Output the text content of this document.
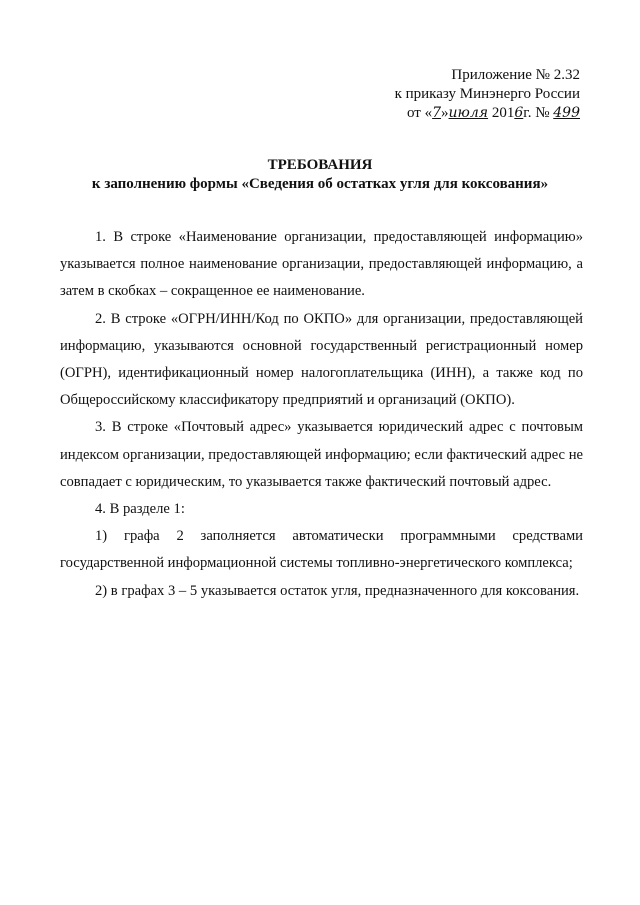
Приложение № 2.32
к приказу Минэнерго России
от «7»июля 2016г. № 499
ТРЕБОВАНИЯ
к заполнению формы «Сведения об остатках угля для коксования»

1. В строке «Наименование организации, предоставляющей информацию» указывается полное наименование организации, предоставляющей информацию, а затем в скобках – сокращенное ее наименование.

2. В строке «ОГРН/ИНН/Код по ОКПО» для организации, предоставляющей информацию, указываются основной государственный регистрационный номер (ОГРН), идентификационный номер налогоплательщика (ИНН), а также код по Общероссийскому классификатору предприятий и организаций (ОКПО).

3. В строке «Почтовый адрес» указывается юридический адрес с почтовым индексом организации, предоставляющей информацию; если фактический адрес не совпадает с юридическим, то указывается также фактический почтовый адрес.

4. В разделе 1:

1) графа 2 заполняется автоматически программными средствами государственной информационной системы топливно-энергетического комплекса;

2) в графах 3 – 5 указывается остаток угля, предназначенного для коксования.
